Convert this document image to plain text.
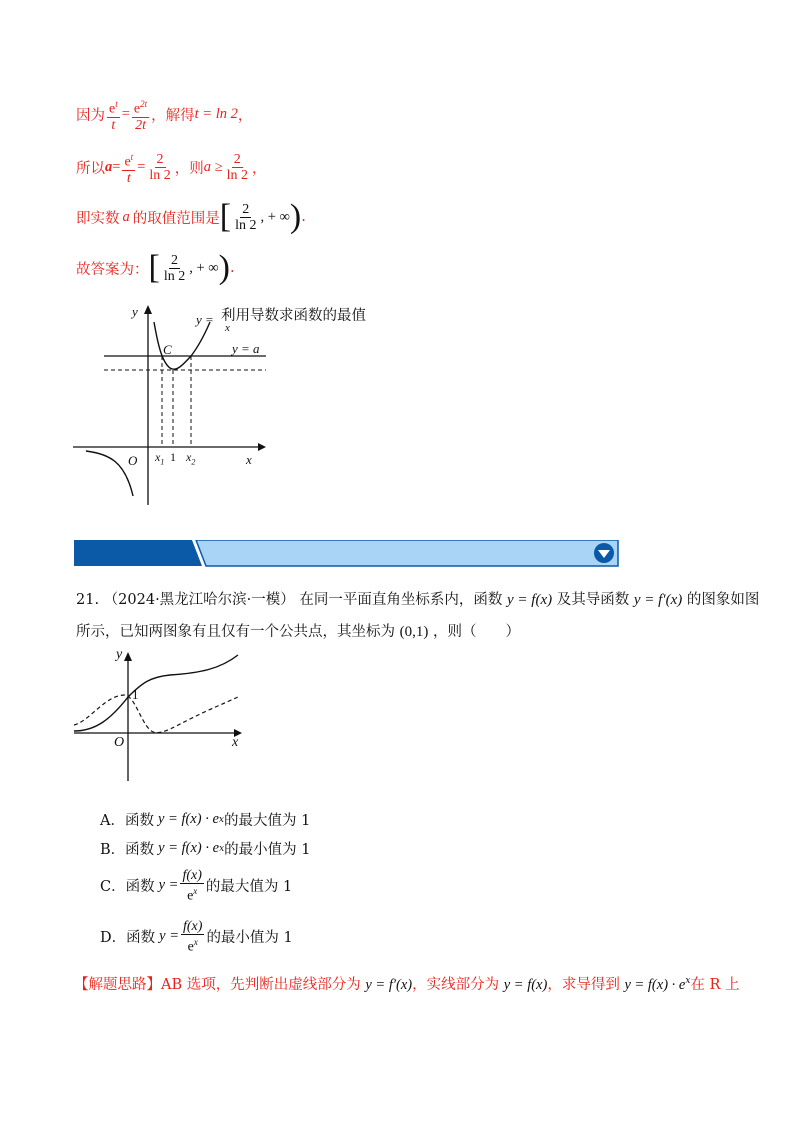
因为 $\frac{e^t}{t} = \frac{e^{2t}}{2t}$ ，解得 t = ln 2 ，
所以 $a = \frac{e^t}{t} = \frac{2}{\ln 2}$ ，则 $a \ge \frac{2}{\ln 2}$ ，
即实数 a 的取值范围是 [ $\frac{2}{\ln 2}$ , + ∞ ) .
故答案为： [ $\frac{2}{\ln 2}$ , + ∞ ) .
y
y =
x
利用导数求函数的最值
C	y = a
O $x_1$ 1 $x_2$	x
21. （2024·黑龙江哈尔滨·一模） 在同一平面直角坐标系内，函数 y = f(x) 及其导函数 y = f′(x) 的图象如图
所示，已知两图象有且仅有一个公共点，其坐标为 (0,1) ，则（　　）
y
1
O	x
A． 函数 y = f(x) · e x 的最大值为 1
B． 函数 y = f(x) · e x 的最小值为 1
C． 函数 $y = \frac{f(x)}{e^x}$ 的最大值为 1
D． 函数 $y = \frac{f(x)}{e^x}$ 的最小值为 1
【解题思路】AB 选项，先判断出虚线部分为 y = f′(x)，实线部分为 y = f(x)，求导得到 $y = f(x) \cdot e^x$在 R 上
